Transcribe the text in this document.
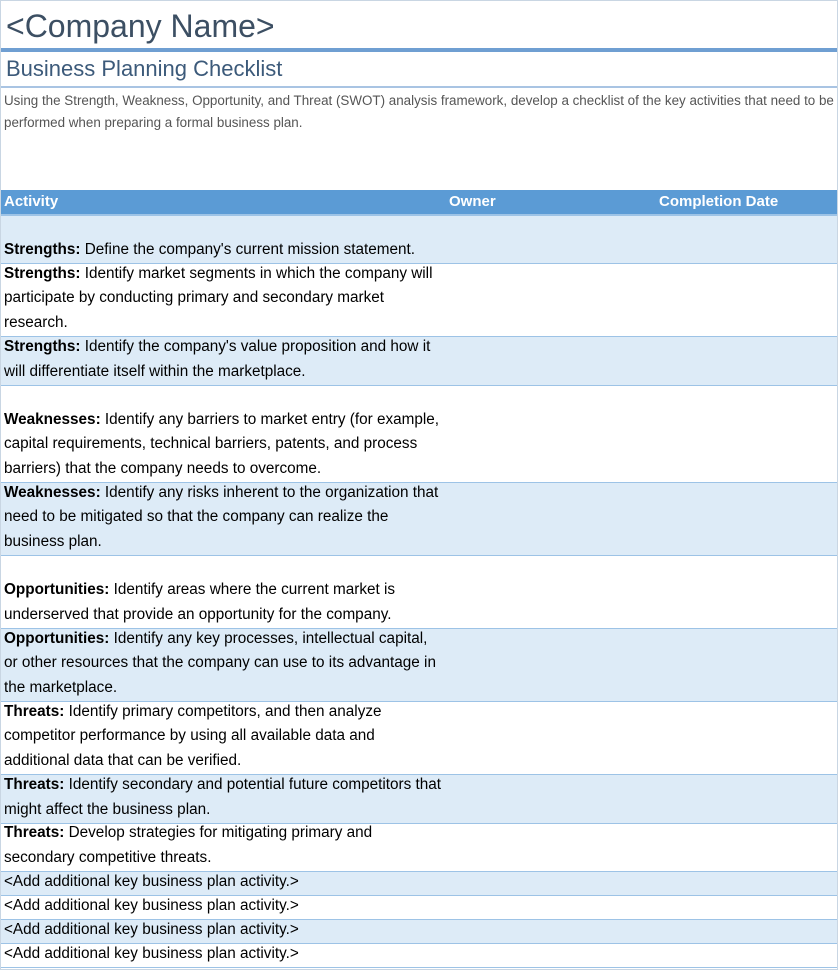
<Company Name>
Business Planning Checklist
Using the Strength, Weakness, Opportunity, and Threat (SWOT) analysis framework, develop a checklist of the key activities that need to be performed when preparing a formal business plan.
Activity	Owner	Completion Date
Strengths: Define the company's current mission statement.
Strengths: Identify market segments in which the company will participate by conducting primary and secondary market research.
Strengths: Identify the company's value proposition and how it will differentiate itself within the marketplace.
Weaknesses: Identify any barriers to market entry (for example, capital requirements, technical barriers, patents, and process barriers) that the company needs to overcome.
Weaknesses: Identify any risks inherent to the organization that need to be mitigated so that the company can realize the business plan.
Opportunities: Identify areas where the current market is underserved that provide an opportunity for the company.
Opportunities: Identify any key processes, intellectual capital, or other resources that the company can use to its advantage in the marketplace.
Threats: Identify primary competitors, and then analyze competitor performance by using all available data and additional data that can be verified.
Threats: Identify secondary and potential future competitors that might affect the business plan.
Threats: Develop strategies for mitigating primary and secondary competitive threats.
<Add additional key business plan activity.>
<Add additional key business plan activity.>
<Add additional key business plan activity.>
<Add additional key business plan activity.>
